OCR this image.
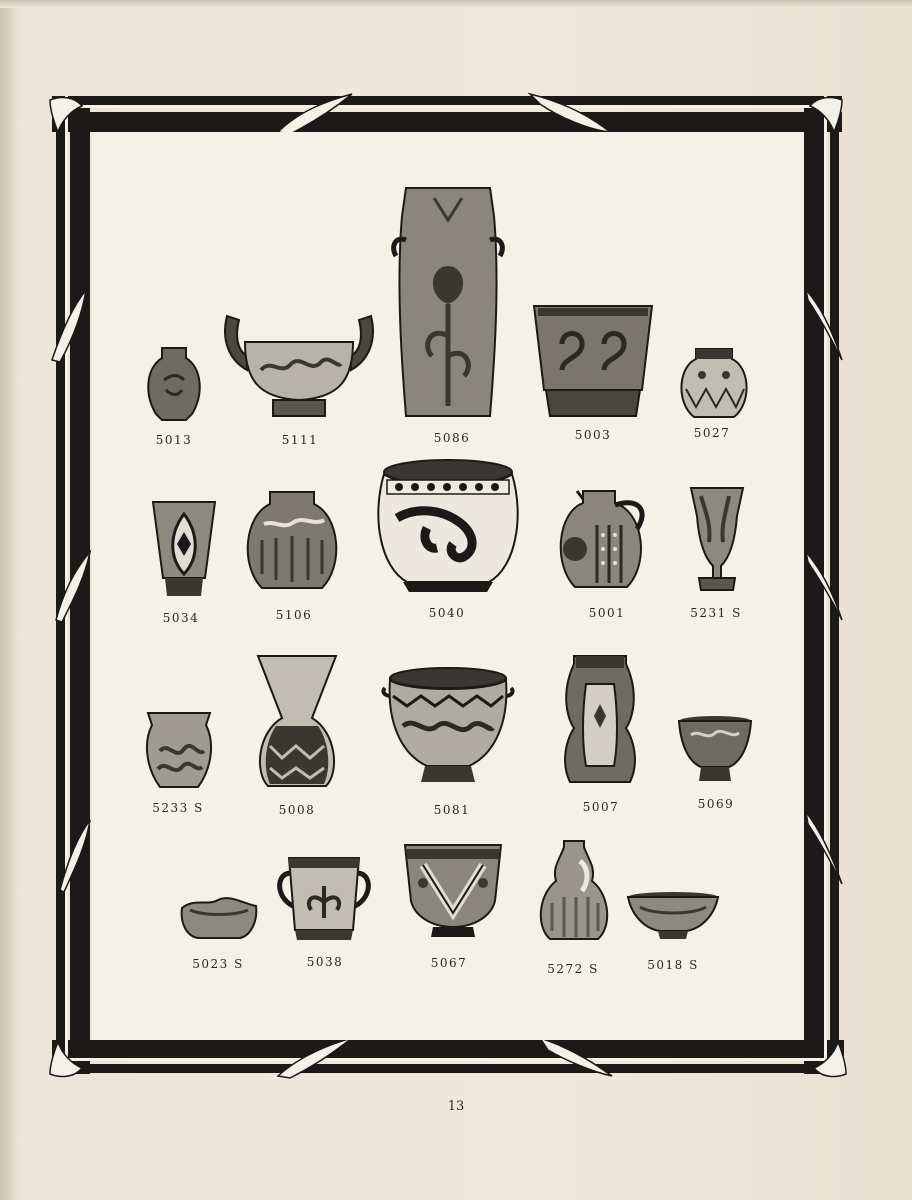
5013	5111	5086	5003	5027
5034	5106	5040	5001	5231 S
5233 S	5008	5081	5007	5069
5023 S	5038	5067	5272 S	5018 S
13
